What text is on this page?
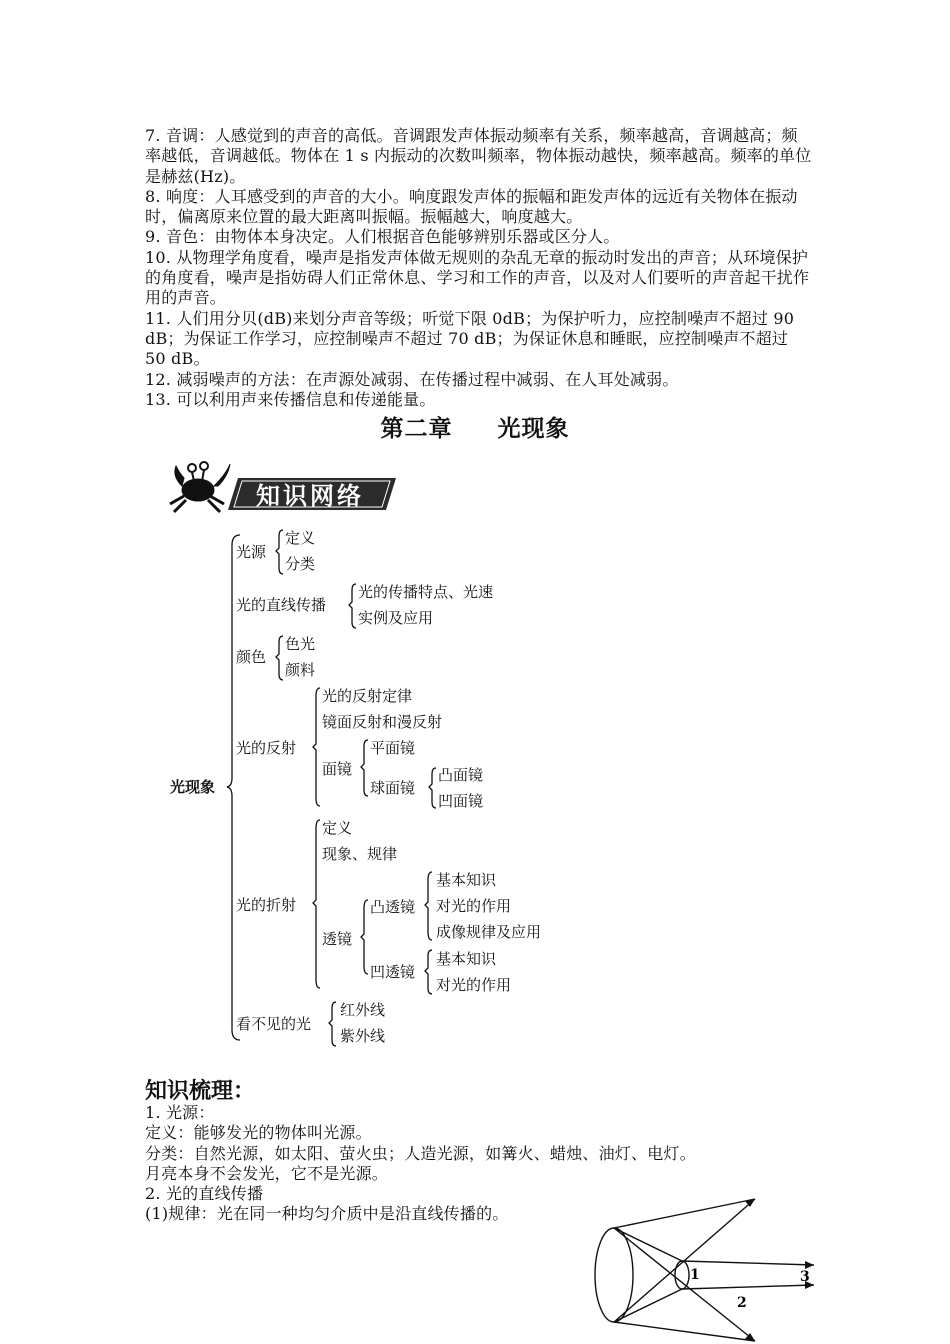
7. 音调：人感觉到的声音的高低。音调跟发声体振动频率有关系，频率越高，音调越高；频率越低，音调越低。物体在 1 s 内振动的次数叫频率，物体振动越快，频率越高。频率的单位是赫兹(Hz)。

8. 响度：人耳感受到的声音的大小。响度跟发声体的振幅和距发声体的远近有关物体在振动时，偏离原来位置的最大距离叫振幅。振幅越大，响度越大。

9. 音色：由物体本身决定。人们根据音色能够辨别乐器或区分人。

10. 从物理学角度看，噪声是指发声体做无规则的杂乱无章的振动时发出的声音；从环境保护的角度看，噪声是指妨碍人们正常休息、学习和工作的声音，以及对人们要听的声音起干扰作用的声音。

11. 人们用分贝(dB)来划分声音等级；听觉下限 0dB；为保护听力，应控制噪声不超过 90 dB；为保证工作学习，应控制噪声不超过 70 dB；为保证休息和睡眠，应控制噪声不超过 50 dB。

12. 减弱噪声的方法：在声源处减弱、在传播过程中减弱、在人耳处减弱。

13. 可以利用声来传播信息和传递能量。

第二章 光现象
知识网络
光现象
光源
定义
分类
光的直线传播
光的传播特点、光速
实例及应用
颜色
色光
颜料
光的反射
光的反射定律
镜面反射和漫反射
面镜
平面镜
球面镜
凸面镜
凹面镜
光的折射
定义
现象、规律
透镜
凸透镜
基本知识
对光的作用
成像规律及应用
凹透镜
基本知识
对光的作用
看不见的光
红外线
紫外线
知识梳理：

1. 光源：

定义：能够发光的物体叫光源。

分类：自然光源，如太阳、萤火虫；人造光源，如篝火、蜡烛、油灯、电灯。

月亮本身不会发光，它不是光源。

2. 光的直线传播

(1)规律：光在同一种均匀介质中是沿直线传播的。

1
2
3
